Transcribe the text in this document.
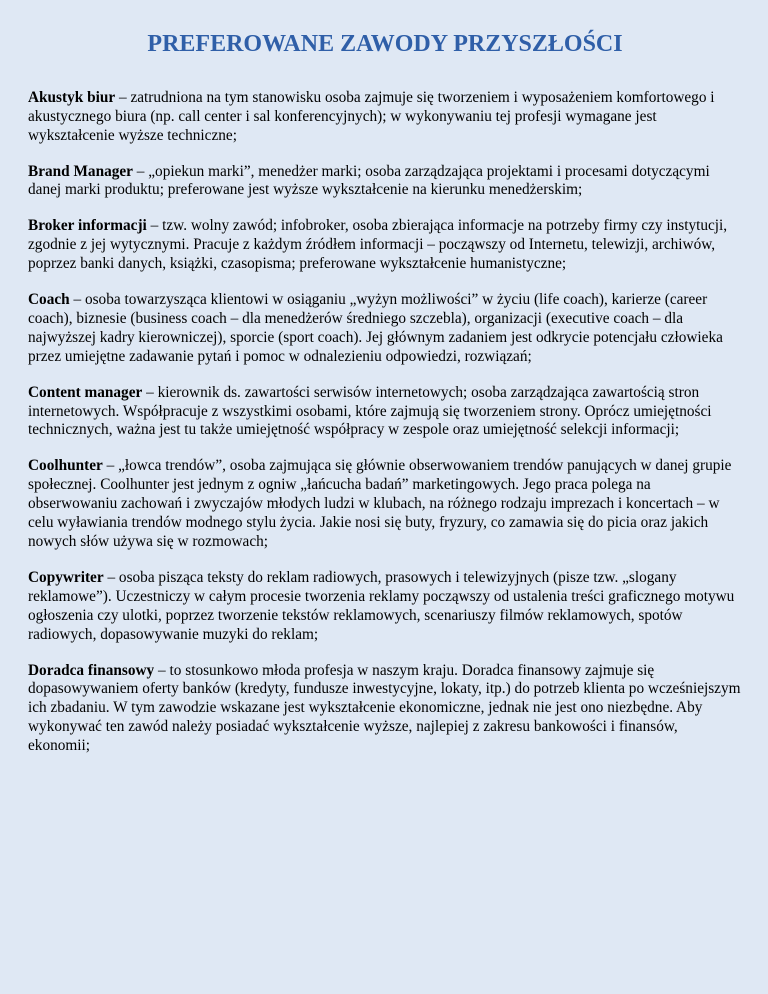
PREFEROWANE ZAWODY PRZYSZŁOŚCI

Akustyk biur – zatrudniona na tym stanowisku osoba zajmuje się tworzeniem i wyposażeniem komfortowego i akustycznego biura (np. call center i sal konferencyjnych); w wykonywaniu tej profesji wymagane jest wykształcenie wyższe techniczne;

Brand Manager – „opiekun marki”, menedżer marki; osoba zarządzająca projektami i procesami dotyczącymi danej marki produktu; preferowane jest wyższe wykształcenie na kierunku menedżerskim;

Broker informacji – tzw. wolny zawód; infobroker, osoba zbierająca informacje na potrzeby firmy czy instytucji, zgodnie z jej wytycznymi. Pracuje z każdym źródłem informacji – począwszy od Internetu, telewizji, archiwów, poprzez banki danych, książki, czasopisma; preferowane wykształcenie humanistyczne;

Coach – osoba towarzysząca klientowi w osiąganiu „wyżyn możliwości” w życiu (life coach), karierze (career coach), biznesie (business coach – dla menedżerów średniego szczebla), organizacji (executive coach – dla najwyższej kadry kierowniczej), sporcie (sport coach). Jej głównym zadaniem jest odkrycie potencjału człowieka przez umiejętne zadawanie pytań i pomoc w odnalezieniu odpowiedzi, rozwiązań;

Content manager – kierownik ds. zawartości serwisów internetowych; osoba zarządzająca zawartością stron internetowych. Współpracuje z wszystkimi osobami, które zajmują się tworzeniem strony. Oprócz umiejętności technicznych, ważna jest tu także umiejętność współpracy w zespole oraz umiejętność selekcji informacji;

Coolhunter – „łowca trendów”, osoba zajmująca się głównie obserwowaniem trendów panujących w danej grupie społecznej. Coolhunter jest jednym z ogniw „łańcucha badań” marketingowych. Jego praca polega na obserwowaniu zachowań i zwyczajów młodych ludzi w klubach, na różnego rodzaju imprezach i koncertach – w celu wyławiania trendów modnego stylu życia. Jakie nosi się buty, fryzury, co zamawia się do picia oraz jakich nowych słów używa się w rozmowach;

Copywriter – osoba pisząca teksty do reklam radiowych, prasowych i telewizyjnych (pisze tzw. „slogany reklamowe”). Uczestniczy w całym procesie tworzenia reklamy począwszy od ustalenia treści graficznego motywu ogłoszenia czy ulotki, poprzez tworzenie tekstów reklamowych, scenariuszy filmów reklamowych, spotów radiowych, dopasowywanie muzyki do reklam;

Doradca finansowy – to stosunkowo młoda profesja w naszym kraju. Doradca finansowy zajmuje się dopasowywaniem oferty banków (kredyty, fundusze inwestycyjne, lokaty, itp.) do potrzeb klienta po wcześniejszym ich zbadaniu. W tym zawodzie wskazane jest wykształcenie ekonomiczne, jednak nie jest ono niezbędne. Aby wykonywać ten zawód należy posiadać wykształcenie wyższe, najlepiej z zakresu bankowości i finansów, ekonomii;
